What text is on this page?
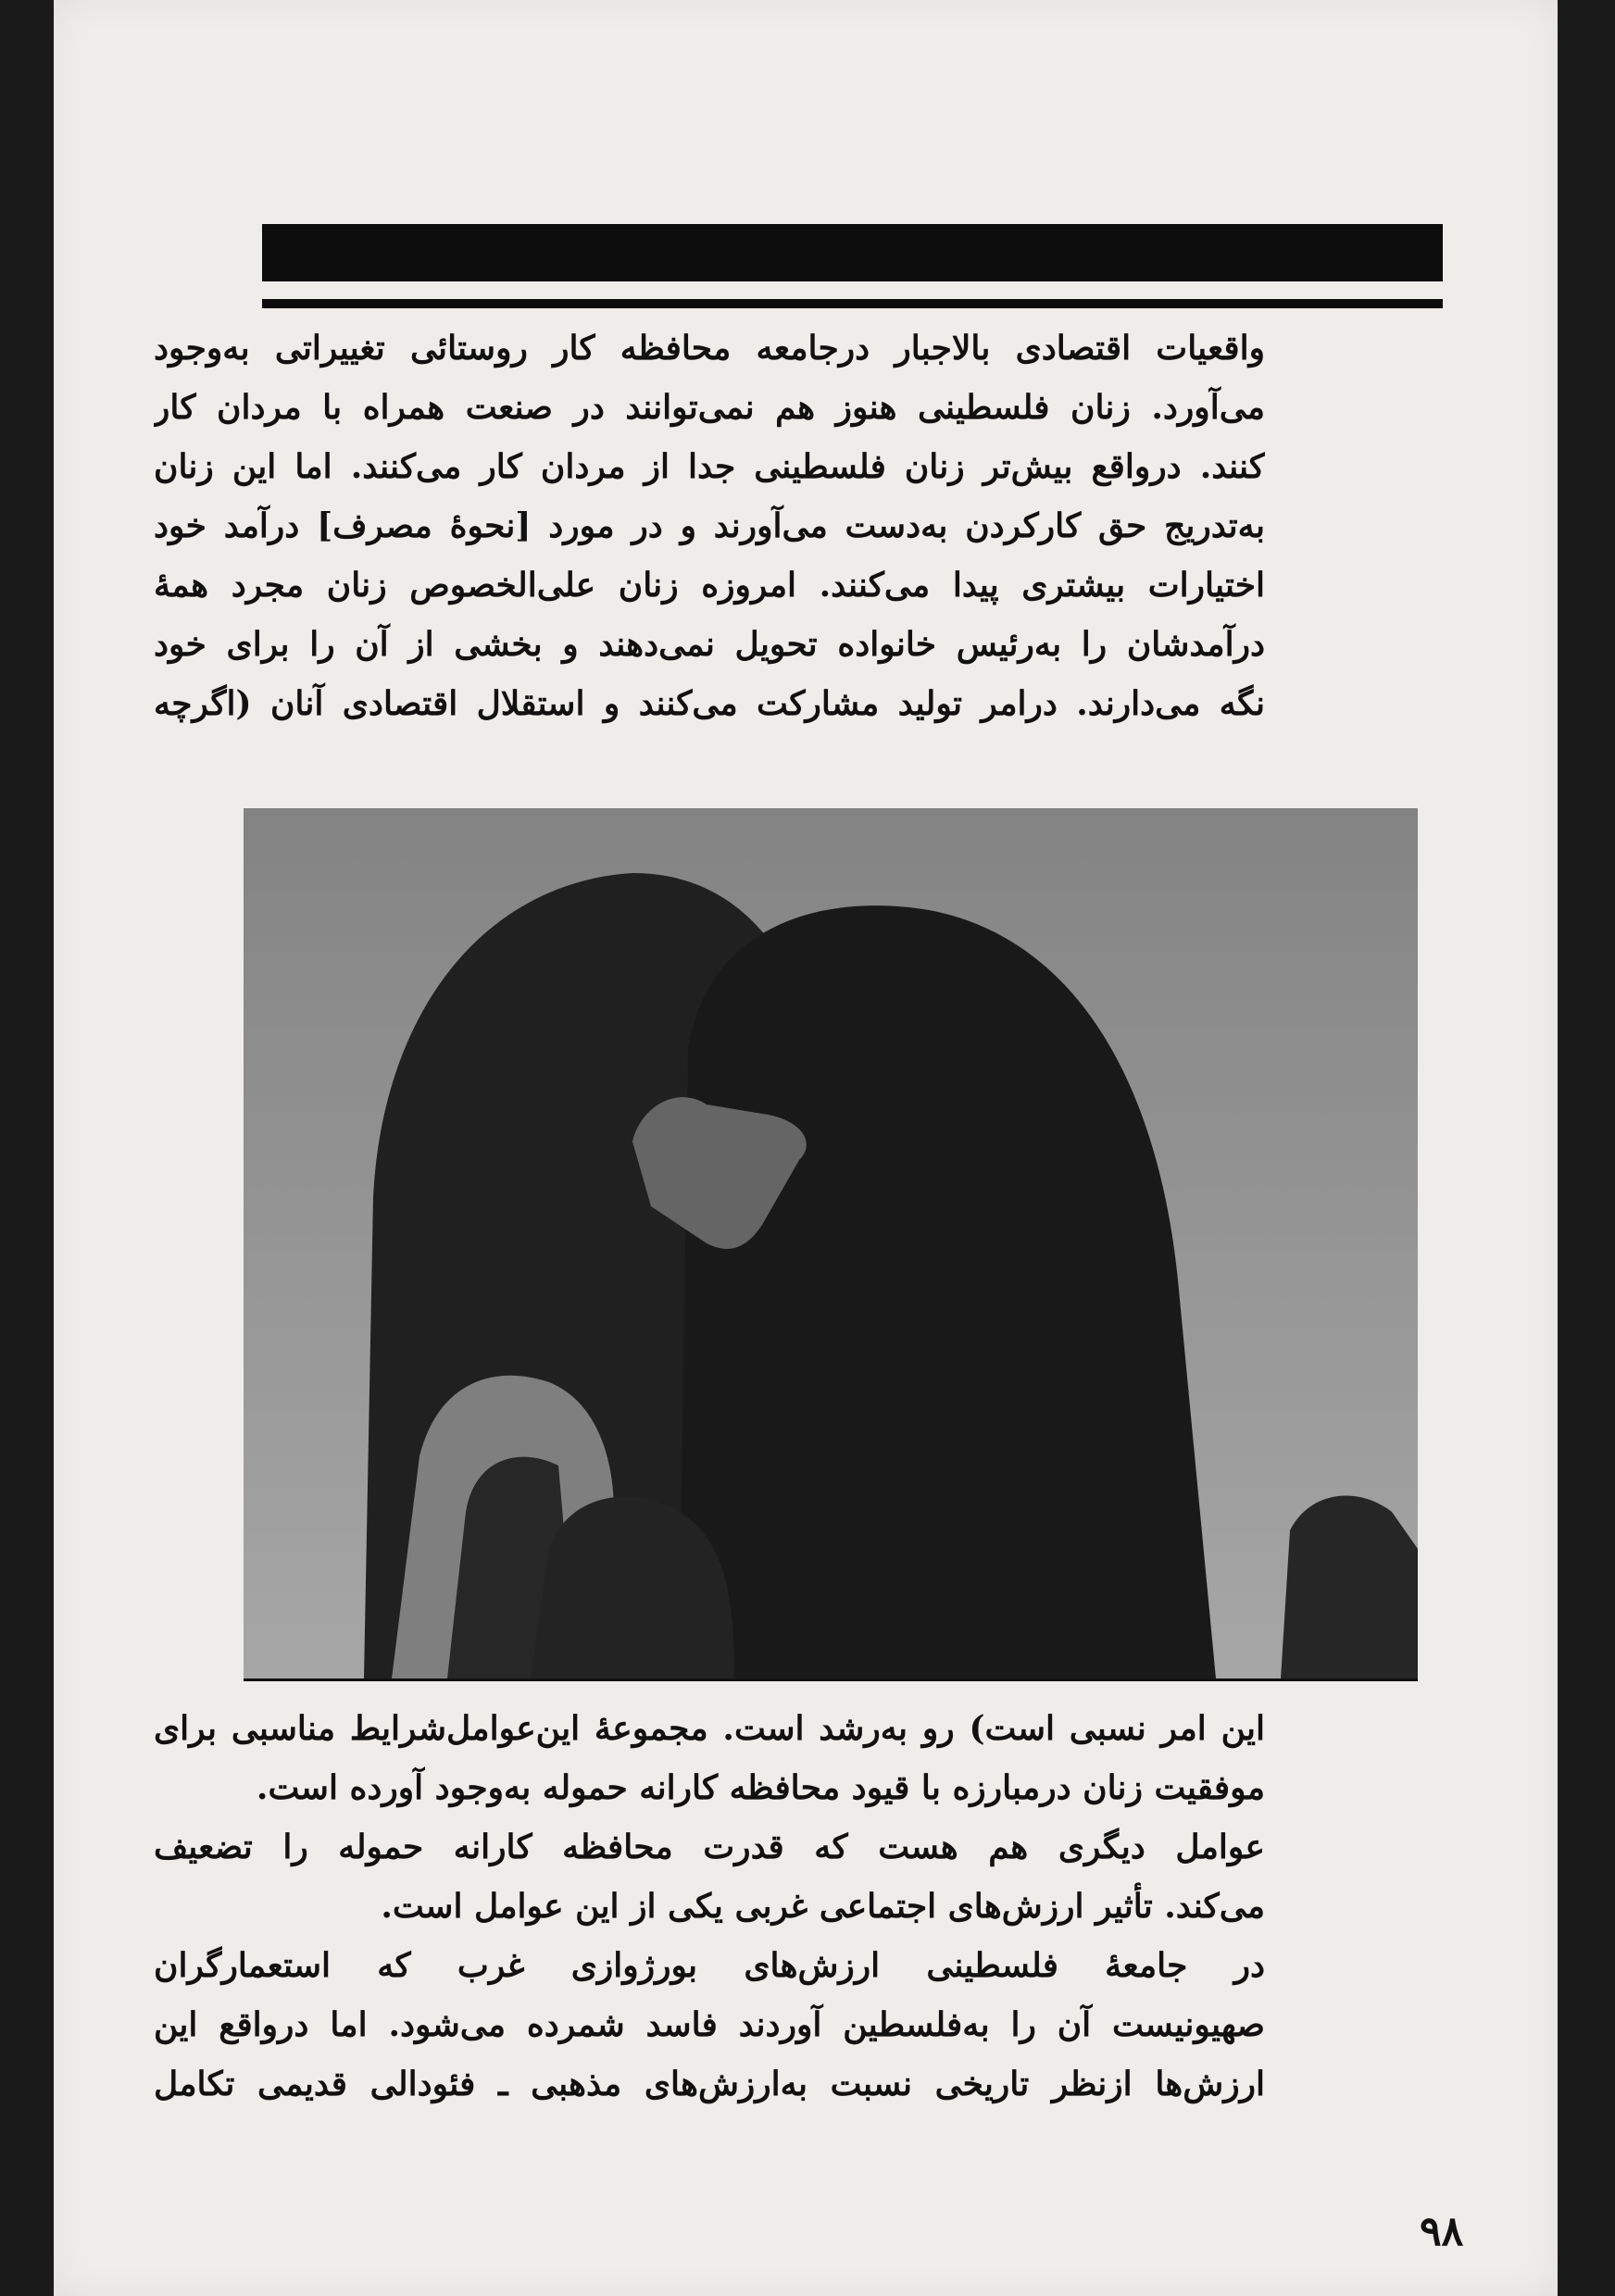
واقعیات اقتصادی بالاجبار درجامعه محافظه کار روستائی تغییراتی به‌وجود

می‌آورد. زنان فلسطینی هنوز هم نمی‌توانند در صنعت همراه با مردان کار

کنند. درواقع بیش‌تر زنان فلسطینی جدا از مردان کار می‌کنند. اما این زنان

به‌تدریج حق کارکردن به‌دست می‌آورند و در مورد [نحوهٔ مصرف] درآمد خود

اختیارات بیشتری پیدا می‌کنند. امروزه زنان علی‌الخصوص زنان مجرد همهٔ

درآمدشان را به‌رئیس خانواده تحویل نمی‌دهند و بخشی از آن را برای خود

نگه می‌دارند. درامر تولید مشارکت می‌کنند و استقلال اقتصادی آنان (اگرچه

این امر نسبی است) رو به‌رشد است. مجموعهٔ این‌عوامل‌شرایط مناسبی برای

موفقیت زنان درمبارزه با قیود محافظه کارانه حموله به‌وجود آورده است.

عوامل دیگری هم هست که قدرت محافظه کارانه حموله را تضعیف

می‌کند. تأثیر ارزش‌های اجتماعی غربی یکی از این عوامل است.

در جامعهٔ فلسطینی ارزش‌های بورژوازی غرب که استعمارگران

صهیونیست آن را به‌فلسطین آوردند فاسد شمرده می‌شود. اما درواقع این

ارزش‌ها ازنظر تاریخی نسبت به‌ارزش‌های مذهبی ـ فئودالی قدیمی تکامل

۹۸
